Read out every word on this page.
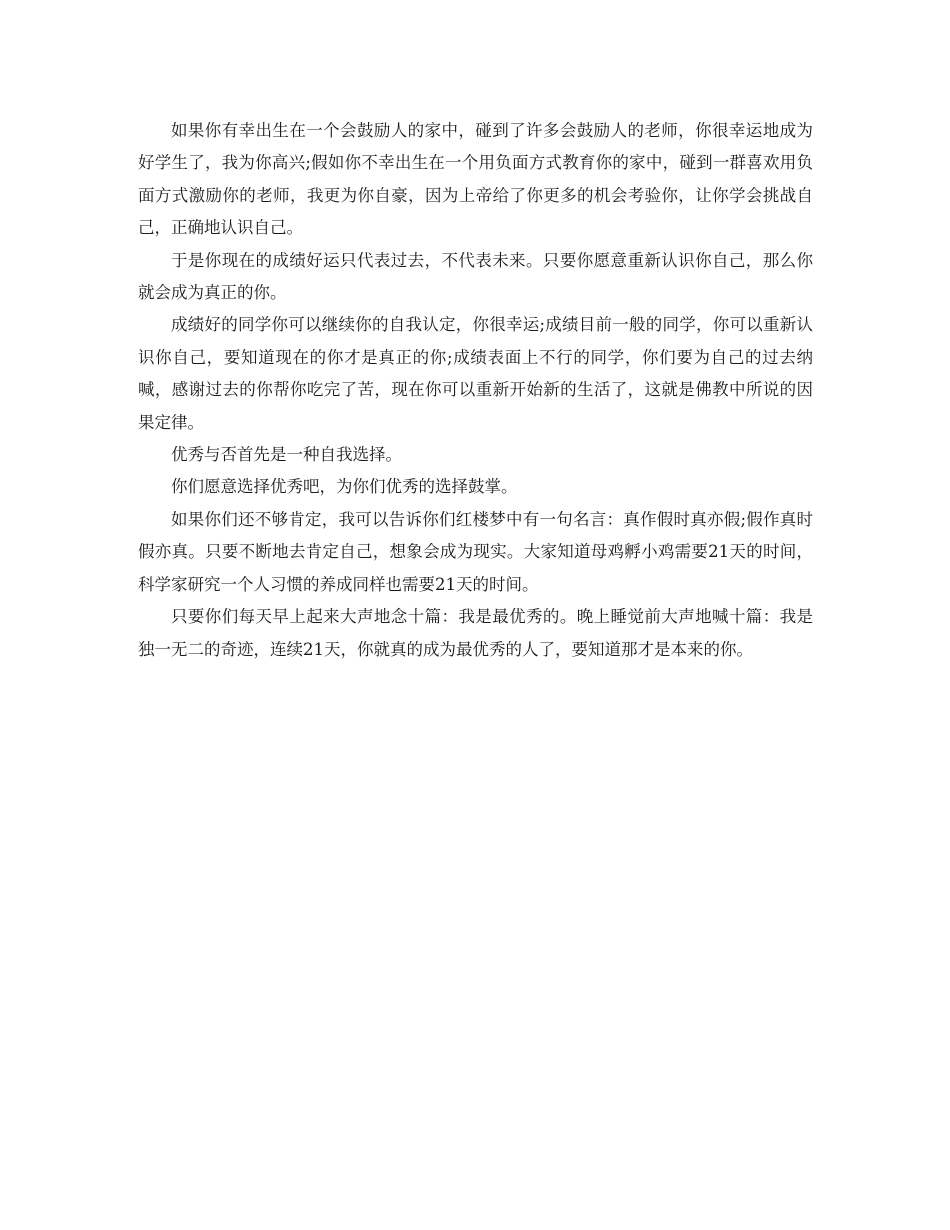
如果你有幸出生在一个会鼓励人的家中，碰到了许多会鼓励人的老师，你很幸运地成为好学生了，我为你高兴;假如你不幸出生在一个用负面方式教育你的家中，碰到一群喜欢用负面方式激励你的老师，我更为你自豪，因为上帝给了你更多的机会考验你，让你学会挑战自己，正确地认识自己。

于是你现在的成绩好运只代表过去，不代表未来。只要你愿意重新认识你自己，那么你就会成为真正的你。

成绩好的同学你可以继续你的自我认定，你很幸运;成绩目前一般的同学，你可以重新认识你自己，要知道现在的你才是真正的你;成绩表面上不行的同学，你们要为自己的过去纳喊，感谢过去的你帮你吃完了苦，现在你可以重新开始新的生活了，这就是佛教中所说的因果定律。

优秀与否首先是一种自我选择。

你们愿意选择优秀吧，为你们优秀的选择鼓掌。

如果你们还不够肯定，我可以告诉你们红楼梦中有一句名言：真作假时真亦假;假作真时假亦真。只要不断地去肯定自己，想象会成为现实。大家知道母鸡孵小鸡需要21天的时间，科学家研究一个人习惯的养成同样也需要21天的时间。

只要你们每天早上起来大声地念十篇：我是最优秀的。晚上睡觉前大声地喊十篇：我是独一无二的奇迹，连续21天，你就真的成为最优秀的人了，要知道那才是本来的你。
